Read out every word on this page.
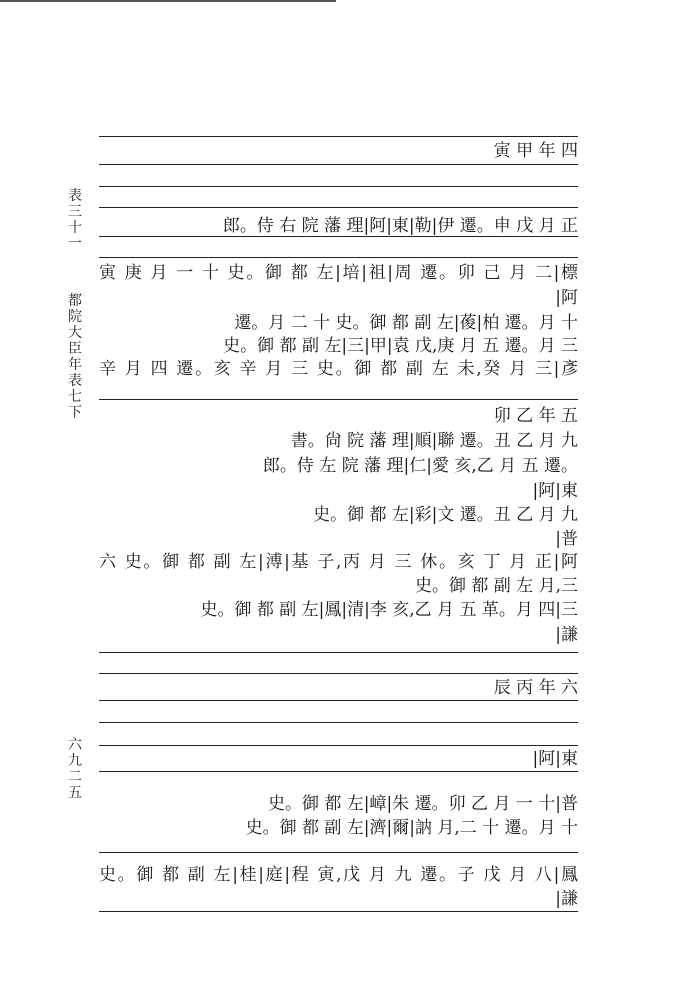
表
三
十
一
都
院
大
臣
年
表
七
下
六
九
二
五
寅 甲 年 四
郎。侍 右 院 藩 理|阿|東|勒|伊 遷。申 戊 月 正
寅 庚 月 一 十 史。御 都 左|培|祖|周 遷。卯 己 月 二|標
|阿
遷。月 二 十 史。御 都 副 左|葰|柏 遷。月 十
史。御 都 副 左|三|甲|袁 戊,庚 月 五 遷。月 三
辛 月 四 遷。亥 辛 月 三 史。御 都 副 左 未,癸 月 三|彥
卯 乙 年 五
書。尙 院 藩 理|順|聯 遷。丑 乙 月 九
郎。侍 左 院 藩 理|仁|愛 亥,乙 月 五 遷。
|阿|東
史。御 都 左|彩|文 遷。丑 乙 月 九
|普
六 史。御 都 副 左|溥|基 子,丙 月 三 休。亥 丁 月 正|阿
史。御 都 副 左 月,三
史。御 都 副 左|鳳|清|李 亥,乙 月 五 革。月 四|三
|謙
辰 丙 年 六
|阿|東
史。御 都 左|嶂|朱 遷。卯 乙 月 一 十|普
史。御 都 副 左|濟|爾|訥 月,二 十 遷。月 十
史。御 都 副 左|桂|庭|程 寅,戊 月 九 遷。子 戊 月 八|鳳
|謙
